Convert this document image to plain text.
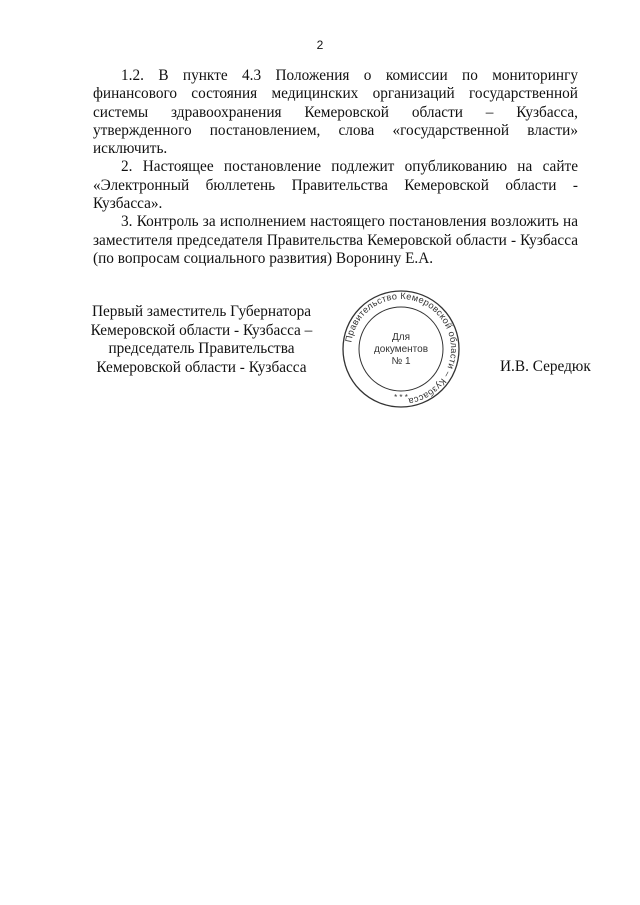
2

1.2. В пункте 4.3 Положения о комиссии по мониторингу финансового состояния медицинских организаций государственной системы здравоохранения Кемеровской области – Кузбасса, утвержденного постановлением, слова «государственной власти» исключить.

2. Настоящее постановление подлежит опубликованию на сайте «Электронный бюллетень Правительства Кемеровской области - Кузбасса».

3. Контроль за исполнением настоящего постановления возложить на заместителя председателя Правительства Кемеровской области - Кузбасса (по вопросам социального развития) Воронину Е.А.

Первый заместитель Губернатора
Кемеровской области - Кузбасса –
председатель Правительства
Кемеровской области - Кузбасса
Правительство Кемеровской области – Кузбасса
Для
документов
№ 1
* * *
И.В. Середюк
